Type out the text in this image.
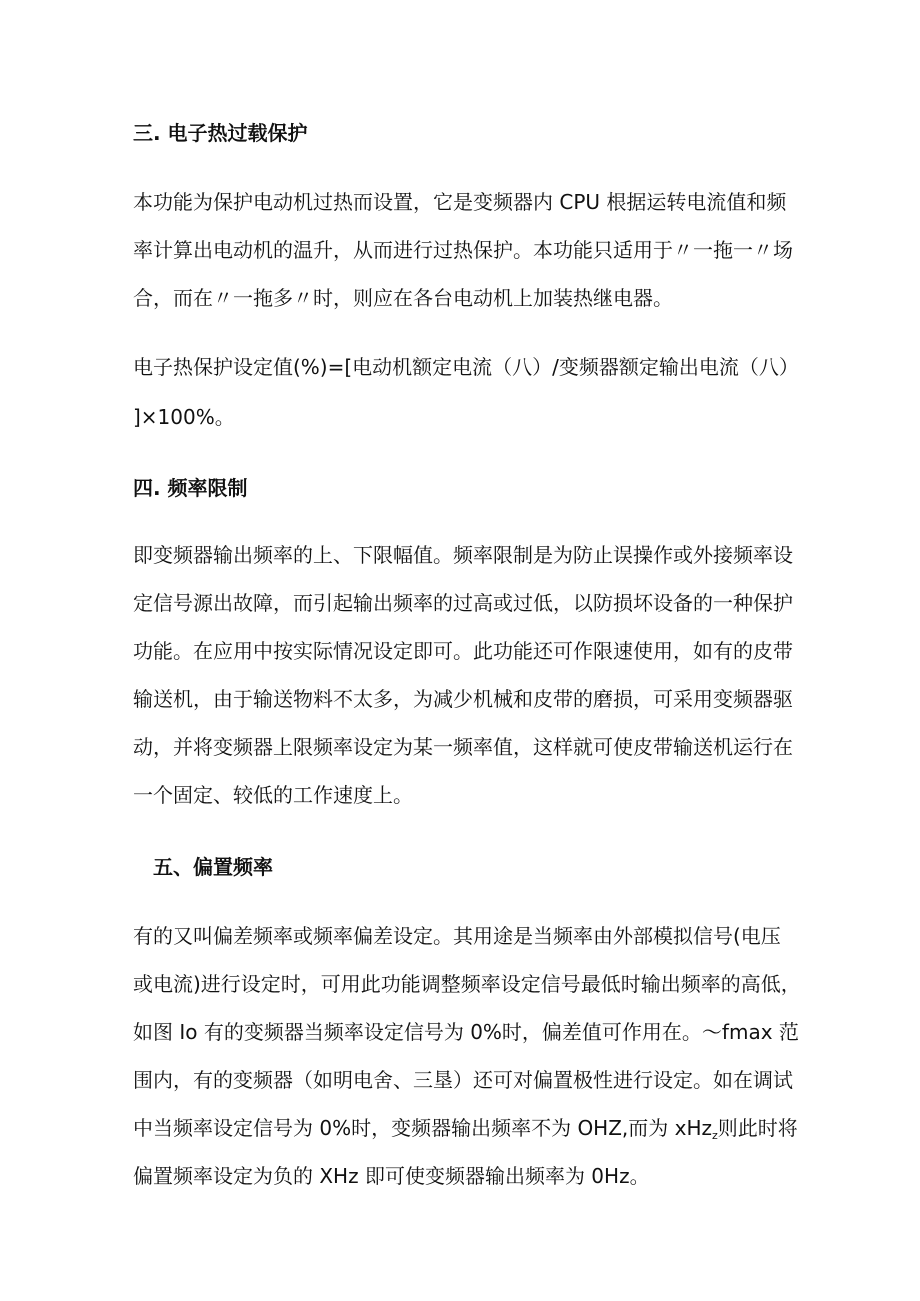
三. 电子热过载保护
本功能为保护电动机过热而设置，它是变频器内 CPU 根据运转电流值和频
率计算出电动机的温升，从而进行过热保护。本功能只适用于〃一拖一〃场
合，而在〃一拖多〃时，则应在各台电动机上加装热继电器。
电子热保护设定值(%)=[电动机额定电流（八）/变频器额定输出电流（八）
]×100%。
四. 频率限制
即变频器输出频率的上、下限幅值。频率限制是为防止误操作或外接频率设
定信号源出故障，而引起输出频率的过高或过低，以防损坏设备的一种保护
功能。在应用中按实际情况设定即可。此功能还可作限速使用，如有的皮带
输送机，由于输送物料不太多，为减少机械和皮带的磨损，可采用变频器驱
动，并将变频器上限频率设定为某一频率值，这样就可使皮带输送机运行在
一个固定、较低的工作速度上。
五、偏置频率
有的又叫偏差频率或频率偏差设定。其用途是当频率由外部模拟信号(电压
或电流)进行设定时，可用此功能调整频率设定信号最低时输出频率的高低，
如图 Io 有的变频器当频率设定信号为 0%时，偏差值可作用在。～fmax 范
围内，有的变频器（如明电舍、三垦）还可对偏置极性进行设定。如在调试
中当频率设定信号为 0%时，变频器输出频率不为 OHZ,而为 xHz$_z$则此时将
偏置频率设定为负的 XHz 即可使变频器输出频率为 0Hz。
